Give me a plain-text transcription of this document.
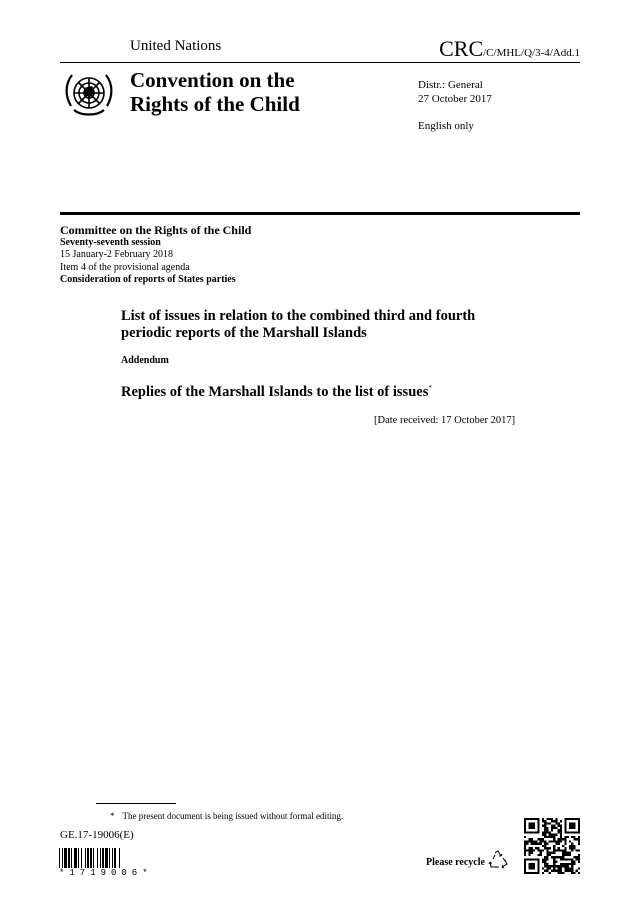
United Nations	CRC/C/MHL/Q/3-4/Add.1
Convention on the
Rights of the Child
Distr.: General
27 October 2017
English only
Committee on the Rights of the Child
Seventy-seventh session
15 January-2 February 2018
Item 4 of the provisional agenda
Consideration of reports of States parties
List of issues in relation to the combined third and fourth
periodic reports of the Marshall Islands
Addendum
Replies of the Marshall Islands to the list of issues*
[Date received: 17 October 2017]
* The present document is being issued without formal editing.
GE.17-19006(E)
*1719006*
Please recycle
